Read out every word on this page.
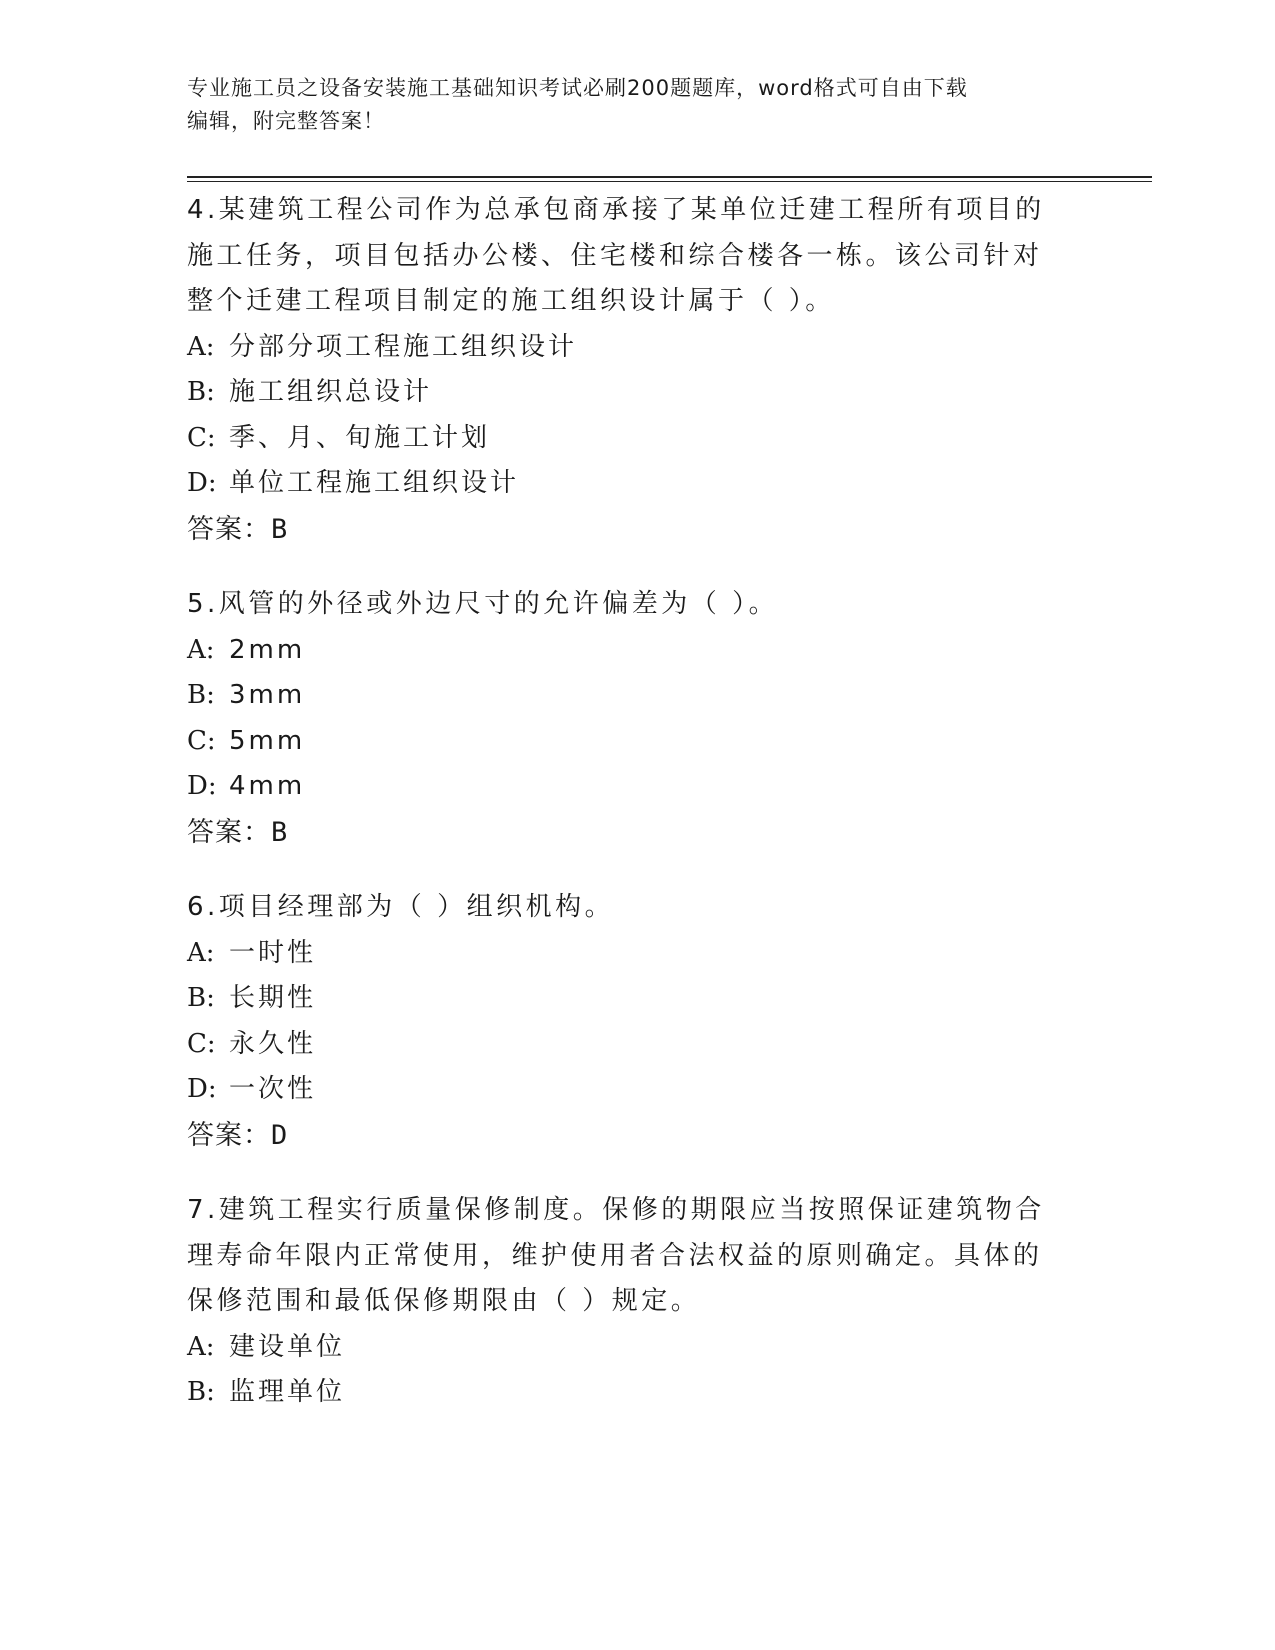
专业施工员之设备安装施工基础知识考试必刷200题题库，word格式可自由下载
编辑，附完整答案！

4.某建筑工程公司作为总承包商承接了某单位迁建工程所有项目的施工任务，项目包括办公楼、住宅楼和综合楼各一栋。该公司针对整个迁建工程项目制定的施工组织设计属于（ ）。

A: 分部分项工程施工组织设计

B: 施工组织总设计

C: 季、月、旬施工计划

D: 单位工程施工组织设计

答案：B

5.风管的外径或外边尺寸的允许偏差为（ ）。

A: 2mm

B: 3mm

C: 5mm

D: 4mm

答案：B

6.项目经理部为（ ）组织机构。

A: 一时性

B: 长期性

C: 永久性

D: 一次性

答案：D

7.建筑工程实行质量保修制度。保修的期限应当按照保证建筑物合理寿命年限内正常使用，维护使用者合法权益的原则确定。具体的保修范围和最低保修期限由（ ）规定。

A: 建设单位

B: 监理单位
